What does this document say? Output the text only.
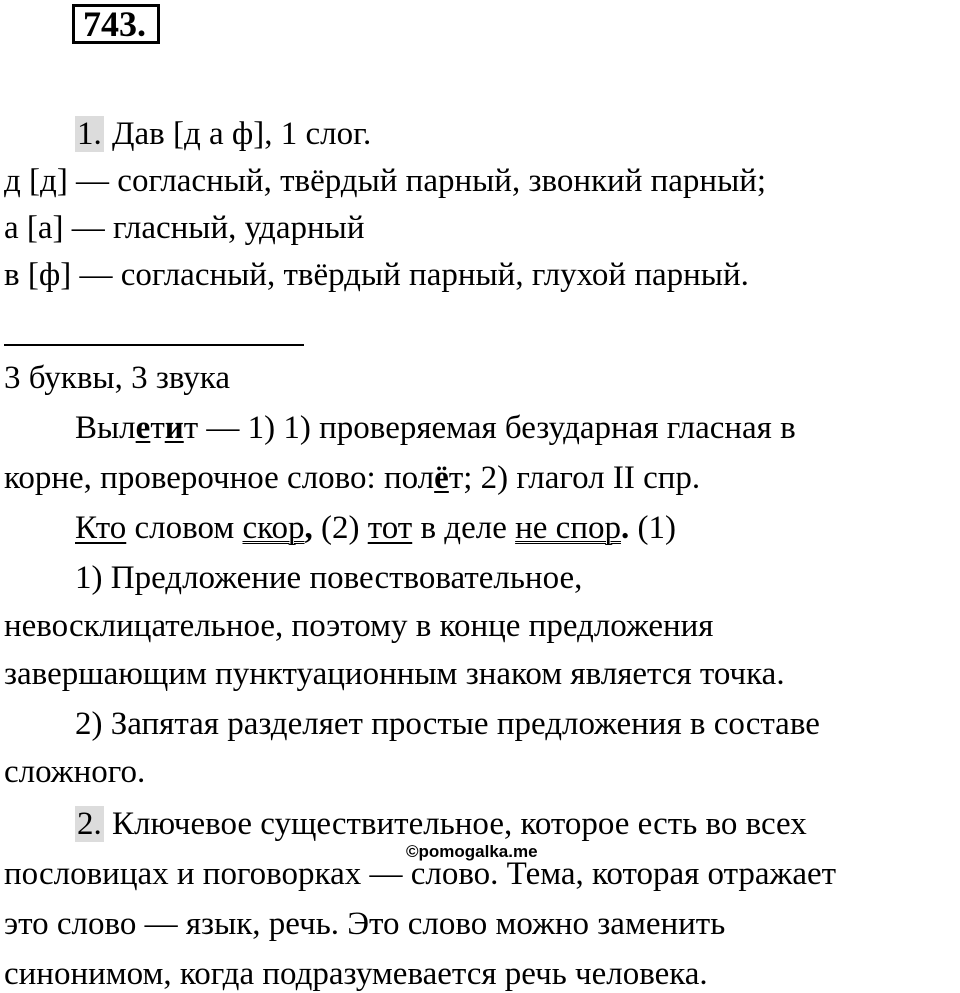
743.
1. Дав [д а ф], 1 слог.
д [д] — согласный, твёрдый парный, звонкий парный;
а [а] — гласный, ударный
в [ф] — согласный, твёрдый парный, глухой парный.
3 буквы, 3 звука
Вылетит — 1) 1) проверяемая безударная гласная в
корне, проверочное слово: полёт; 2) глагол II спр.
Кто словом скор, (2) тот в деле не спор. (1)
1) Предложение повествовательное,
невосклицательное, поэтому в конце предложения
завершающим пунктуационным знаком является точка.
2) Запятая разделяет простые предложения в составе
сложного.
2. Ключевое существительное, которое есть во всех
пословицах и поговорках — слово. Тема, которая отражает
это слово — язык, речь. Это слово можно заменить
синонимом, когда подразумевается речь человека.
©pomogalka.me
